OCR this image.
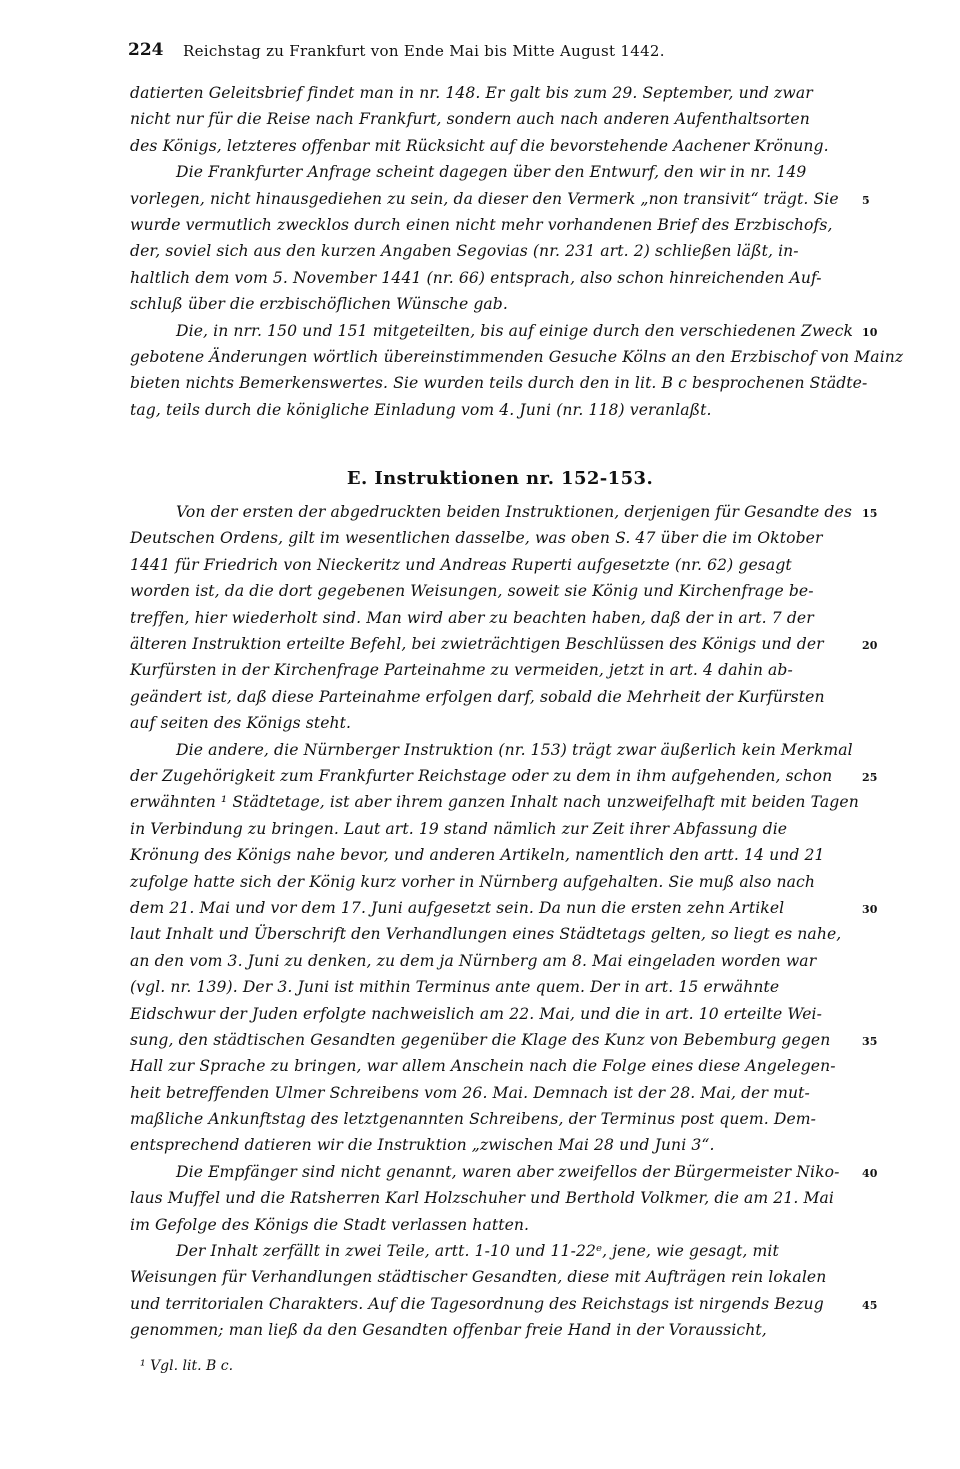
224 Reichstag zu Frankfurt von Ende Mai bis Mitte August 1442.
datierten Geleitsbrief findet man in nr. 148. Er galt bis zum 29. September, und zwar
nicht nur für die Reise nach Frankfurt, sondern auch nach anderen Aufenthaltsorten
des Königs, letzteres offenbar mit Rücksicht auf die bevorstehende Aachener Krönung.
Die Frankfurter Anfrage scheint dagegen über den Entwurf, den wir in nr. 149
vorlegen, nicht hinausgediehen zu sein, da dieser den Vermerk „non transivit“ trägt. Sie 5
wurde vermutlich zwecklos durch einen nicht mehr vorhandenen Brief des Erzbischofs,
der, soviel sich aus den kurzen Angaben Segovias (nr. 231 art. 2) schließen läßt, in-
haltlich dem vom 5. November 1441 (nr. 66) entsprach, also schon hinreichenden Auf-
schluß über die erzbischöflichen Wünsche gab.
Die, in nrr. 150 und 151 mitgeteilten, bis auf einige durch den verschiedenen Zweck 10
gebotene Änderungen wörtlich übereinstimmenden Gesuche Kölns an den Erzbischof von Mainz
bieten nichts Bemerkenswertes. Sie wurden teils durch den in lit. B c besprochenen Städte-
tag, teils durch die königliche Einladung vom 4. Juni (nr. 118) veranlaßt.
E. Instruktionen nr. 152-153.
Von der ersten der abgedruckten beiden Instruktionen, derjenigen für Gesandte des 15
Deutschen Ordens, gilt im wesentlichen dasselbe, was oben S. 47 über die im Oktober
1441 für Friedrich von Nieckeritz und Andreas Ruperti aufgesetzte (nr. 62) gesagt
worden ist, da die dort gegebenen Weisungen, soweit sie König und Kirchenfrage be-
treffen, hier wiederholt sind. Man wird aber zu beachten haben, daß der in art. 7 der
älteren Instruktion erteilte Befehl, bei zwieträchtigen Beschlüssen des Königs und der	20
Kurfürsten in der Kirchenfrage Parteinahme zu vermeiden, jetzt in art. 4 dahin ab-
geändert ist, daß diese Parteinahme erfolgen darf, sobald die Mehrheit der Kurfürsten
auf seiten des Königs steht.
Die andere, die Nürnberger Instruktion (nr. 153) trägt zwar äußerlich kein Merkmal
der Zugehörigkeit zum Frankfurter Reichstage oder zu dem in ihm aufgehenden, schon	25
erwähnten ¹ Städtetage, ist aber ihrem ganzen Inhalt nach unzweifelhaft mit beiden Tagen
in Verbindung zu bringen. Laut art. 19 stand nämlich zur Zeit ihrer Abfassung die
Krönung des Königs nahe bevor, und anderen Artikeln, namentlich den artt. 14 und 21
zufolge hatte sich der König kurz vorher in Nürnberg aufgehalten. Sie muß also nach
dem 21. Mai und vor dem 17. Juni aufgesetzt sein. Da nun die ersten zehn Artikel	30
laut Inhalt und Überschrift den Verhandlungen eines Städtetags gelten, so liegt es nahe,
an den vom 3. Juni zu denken, zu dem ja Nürnberg am 8. Mai eingeladen worden war
(vgl. nr. 139). Der 3. Juni ist mithin Terminus ante quem. Der in art. 15 erwähnte
Eidschwur der Juden erfolgte nachweislich am 22. Mai, und die in art. 10 erteilte Wei-
sung, den städtischen Gesandten gegenüber die Klage des Kunz von Bebemburg gegen	35
Hall zur Sprache zu bringen, war allem Anschein nach die Folge eines diese Angelegen-
heit betreffenden Ulmer Schreibens vom 26. Mai. Demnach ist der 28. Mai, der mut-
maßliche Ankunftstag des letztgenannten Schreibens, der Terminus post quem. Dem-
entsprechend datieren wir die Instruktion „zwischen Mai 28 und Juni 3“.
Die Empfänger sind nicht genannt, waren aber zweifellos der Bürgermeister Niko- 40
laus Muffel und die Ratsherren Karl Holzschuher und Berthold Volkmer, die am 21. Mai
im Gefolge des Königs die Stadt verlassen hatten.
Der Inhalt zerfällt in zwei Teile, artt. 1-10 und 11-22ᵉ, jene, wie gesagt, mit
Weisungen für Verhandlungen städtischer Gesandten, diese mit Aufträgen rein lokalen
und territorialen Charakters. Auf die Tagesordnung des Reichstags ist nirgends Bezug	45
genommen; man ließ da den Gesandten offenbar freie Hand in der Voraussicht,
¹ Vgl. lit. B c.
